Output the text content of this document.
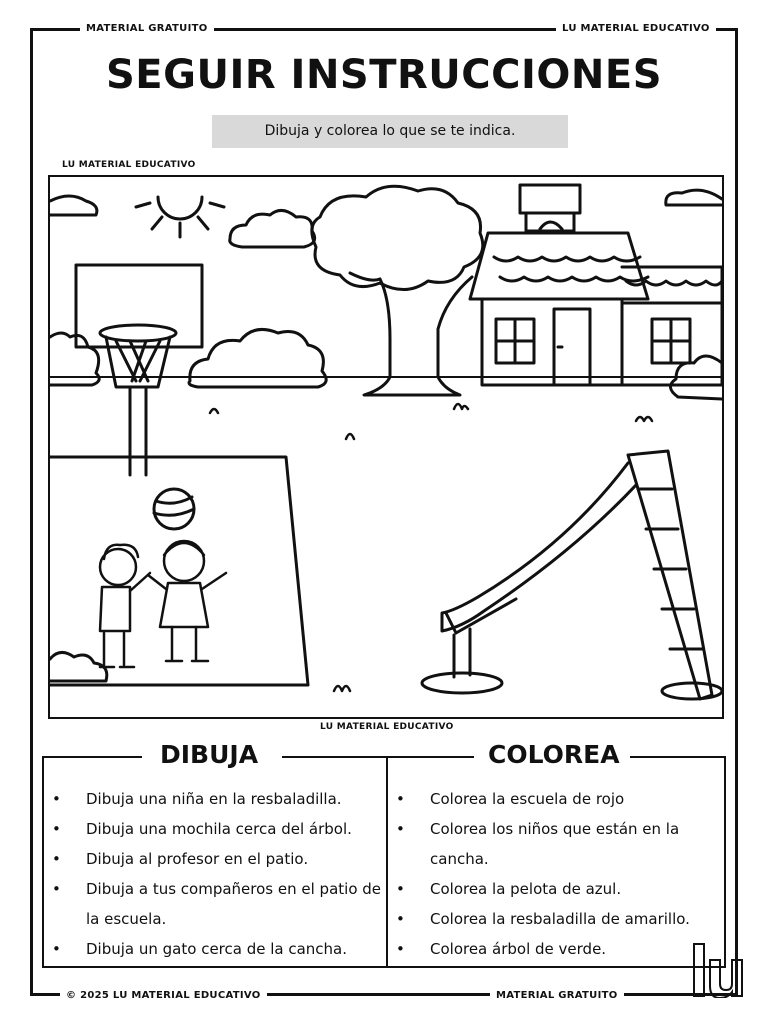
MATERIAL GRATUITO	LU MATERIAL EDUCATIVO
SEGUIR INSTRUCCIONES
Dibuja y colorea lo que se te indica.
LU MATERIAL EDUCATIVO
LU MATERIAL EDUCATIVO
DIBUJA	COLOREA
• Dibuja una niña en la resbaladilla.
• Dibuja una mochila cerca del árbol.
• Dibuja al profesor en el patio.
• Dibuja a tus compañeros en el patio de la escuela.
• Dibuja un gato cerca de la cancha.
• Colorea la escuela de rojo
• Colorea los niños que están en la cancha.
• Colorea la pelota de azul.
• Colorea la resbaladilla de amarillo.
• Colorea árbol de verde.
© 2025 LU MATERIAL EDUCATIVO	MATERIAL GRATUITO
